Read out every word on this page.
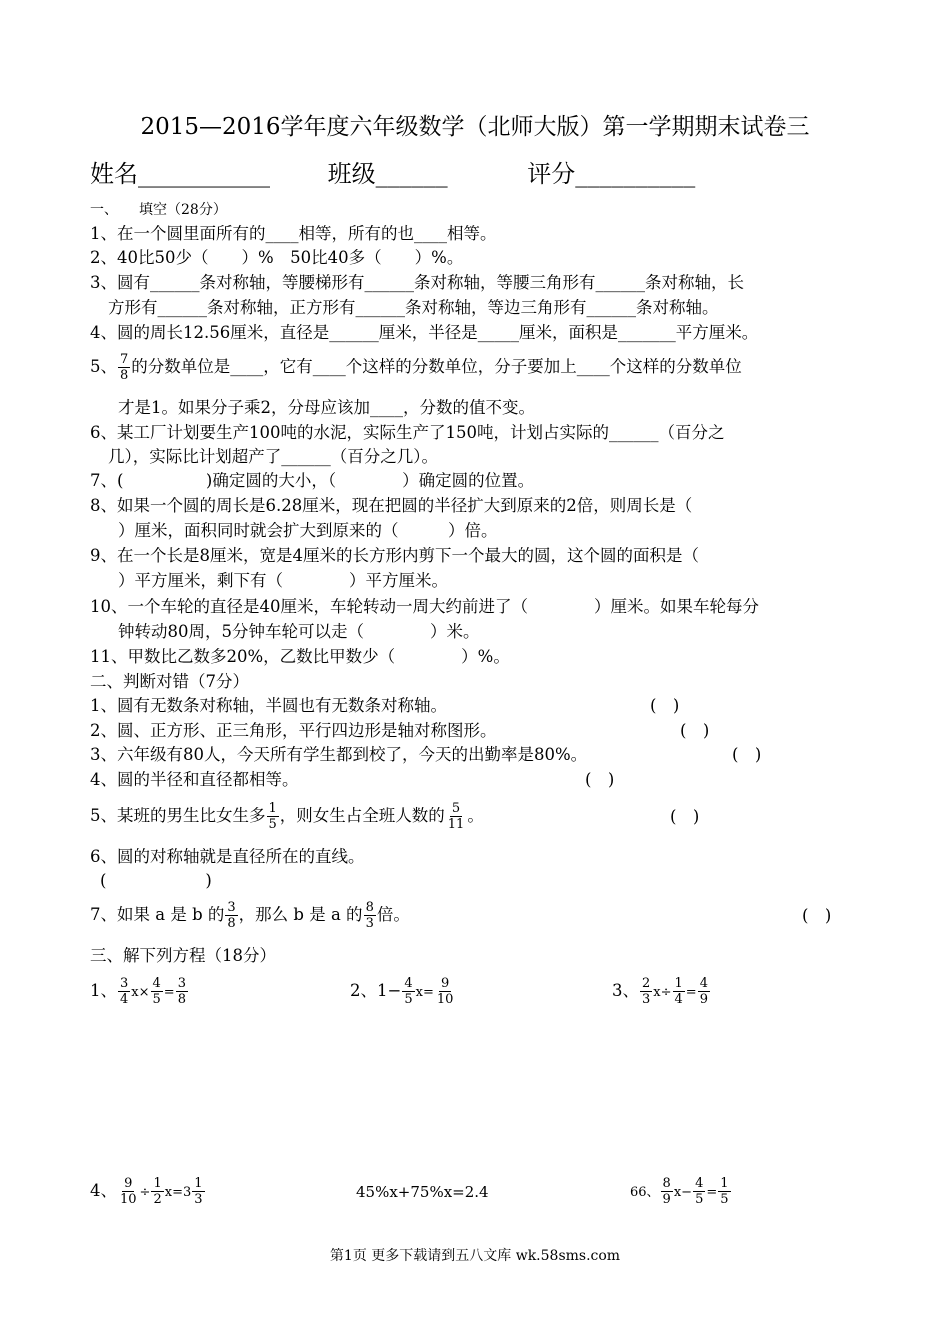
2015—2016学年度六年级数学（北师大版）第一学期期末试卷三
姓名___________ 班级______	评分__________
一、　　填空（28分）
1、在一个圆里面所有的____相等，所有的也____相等。
2、40比50少（　　）%　50比40多（　　）%。
3、圆有______条对称轴，等腰梯形有______条对称轴，等腰三角形有______条对称轴，长
方形有______条对称轴，正方形有______条对称轴，等边三角形有______条对称轴。
4、圆的周长12.56厘米，直径是______厘米，半径是_____厘米，面积是_______平方厘米。
5、 $\frac{7}{8}$ 的分数单位是____，它有____个这样的分数单位，分子要加上____个这样的分数单位
才是1。如果分子乘2，分母应该加____，分数的值不变。
6、某工厂计划要生产100吨的水泥，实际生产了150吨，计划占实际的______（百分之
几），实际比计划超产了______（百分之几）。
7、(　　　　　)确定圆的大小，（　　　　）确定圆的位置。
8、如果一个圆的周长是6.28厘米，现在把圆的半径扩大到原来的2倍，则周长是（
）厘米，面积同时就会扩大到原来的（　　　）倍。
9、在一个长是8厘米，宽是4厘米的长方形内剪下一个最大的圆，这个圆的面积是（
）平方厘米，剩下有（　　　　）平方厘米。
10、一个车轮的直径是40厘米，车轮转动一周大约前进了（　　　　）厘米。如果车轮每分
钟转动80周，5分钟车轮可以走（　　　　）米。
11、甲数比乙数多20%，乙数比甲数少（　　　　）%。
二、判断对错（7分）
1、圆有无数条对称轴，半圆也有无数条对称轴。	(　)
2、圆、正方形、正三角形，平行四边形是轴对称图形。	(　)
3、六年级有80人，今天所有学生都到校了，今天的出勤率是80%。	(　)
4、圆的半径和直径都相等。	(　)
5、某班的男生比女生多 $\frac{1}{5}$ ，则女生占全班人数的 $\frac{5}{11}$ 。	(　)
6、圆的对称轴就是直径所在的直线。
(　　　　　　)
7、如果 a 是 b 的 $\frac{3}{8}$ ，那么 b 是 a 的 $\frac{8}{3}$ 倍。	(　)
三、解下列方程（18分）
1、 $\frac{3}{4} x\times \frac{4}{5} = \frac{3}{8}$	2、$1- \frac{4}{5} x= \frac{9}{10}$	3、 $\frac{2}{3} x\div \frac{1}{4} = \frac{4}{9}$
4、 $\frac{9}{10} \div \frac{1}{2} x=3 \frac{1}{3}$	45%x+75%x=2.4	66、 $\frac{8}{9} x- \frac{4}{5} = \frac{1}{5}$
第1页 更多下载请到五八文库 wk.58sms.com
